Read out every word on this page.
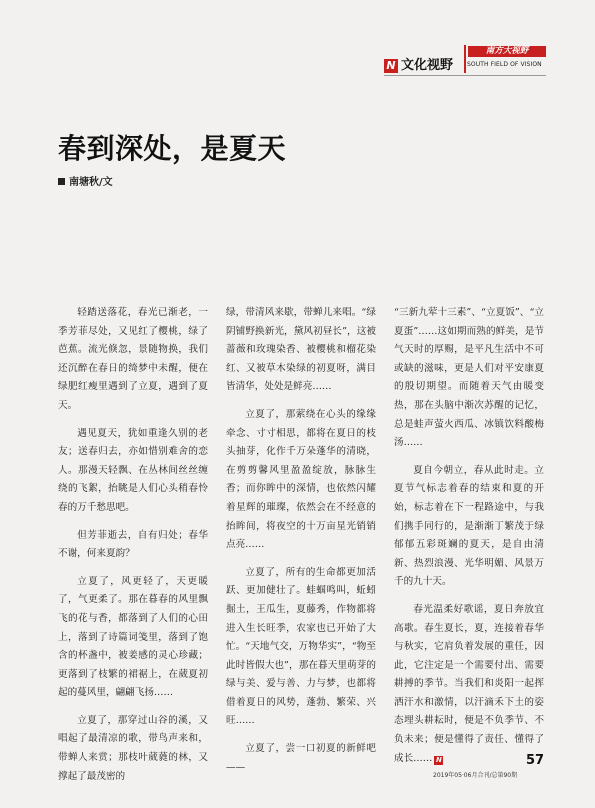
N 文化视野
南方大视野
SOUTH FIELD OF VISION
春到深处，是夏天
南塘秋/文

轻踏送落花，春光已渐老，一季芳菲尽处，又见红了樱桃，绿了芭蕉。流光倏忽，景随物换，我们还沉醉在春日的绮梦中未醒，便在绿肥红瘦里遇到了立夏，遇到了夏天。

遇见夏天，犹如重逢久别的老友；送春归去，亦如惜别难舍的恋人。那漫天轻飘、在丛林间丝丝缠绕的飞絮，抬眺是人们心头稍春怜春的万千愁思吧。

但芳菲逝去，自有归处；春华不谢，何来夏韵？

立夏了，风更轻了，天更暖了，气更柔了。那在暮春的风里飘飞的花与香，都落到了人们的心田上，落到了诗篇词笺里，落到了饱含的杯盏中，被姜感的灵心珍藏；更落到了枝繁的裙裾上，在葳夏初起的蔓风里，翩翩飞扬……

立夏了，那穿过山谷的溪，又唱起了最清凉的歌，带鸟声来和，带蝉人来赏；那枝叶葳蕤的林，又撑起了最茂密的

绿，带清风来歇，带蝉儿来唱。“绿阴铺野换新光，黛风初昼长”，这被蔷薇和玫瑰染香、被樱桃和榴花染红、又被草木染绿的初夏呀，满目皆清华，处处是鲜亮……

立夏了，那萦绕在心头的缘缘牵念、寸寸相思，都将在夏日的枝头抽芽，化作千万朵蓬华的清晓，在剪剪馨风里盈盈绽放，脉脉生香；而你眸中的深情，也依然闪耀着星辉的璀璨，依然会在不经意的抬眸间，将夜空的十万亩星光销销点亮……

立夏了，所有的生命都更加活跃、更加健壮了。蛙蝈鸣叫，蚯蚓掘土，王瓜生，夏藤秀，作物都将进入生长旺季，农家也已开始了大忙。“天地气交，万物华实”，“物至此时皆假大也”，那在暮天里萌芽的绿与美、爱与善、力与梦，也都将借着夏日的风势，蓬勃、繁荣、兴旺……

立夏了，尝一口初夏的新鲜吧——

“三新九荤十三素”、“立夏饭”、“立夏蛋”……这如期而熟的鲜美，是节气天时的厚赐，是平凡生活中不可或缺的滋味，更是人们对平安康夏的殷切期望。而随着天气由暖变热，那在头脑中渐次苏醒的记忆，总是蛙声萤火西瓜、冰镇饮料酸梅汤……

夏自今朝立，春从此时走。立夏节气标志着春的结束和夏的开始，标志着在下一程路途中，与我们携手同行的，是渐渐丁繁茂于绿郁郁五彩斑斓的夏天，是自由清新、热烈浪漫、光华明媚、风景万千的九十天。

春光温柔好歌谣，夏日奔放宜高歌。春生夏长，夏，连接着春华与秋实，它肩负着发展的重任，因此，它注定是一个需要付出、需要耕搏的季节。当我们和炎阳一起挥洒汗水和激情，以汗滴禾下土的姿态埋头耕耘时，便是不负季节、不负未来；便是懂得了责任、懂得了成长…… N	57
2019年05·06月合刊/总第90期
